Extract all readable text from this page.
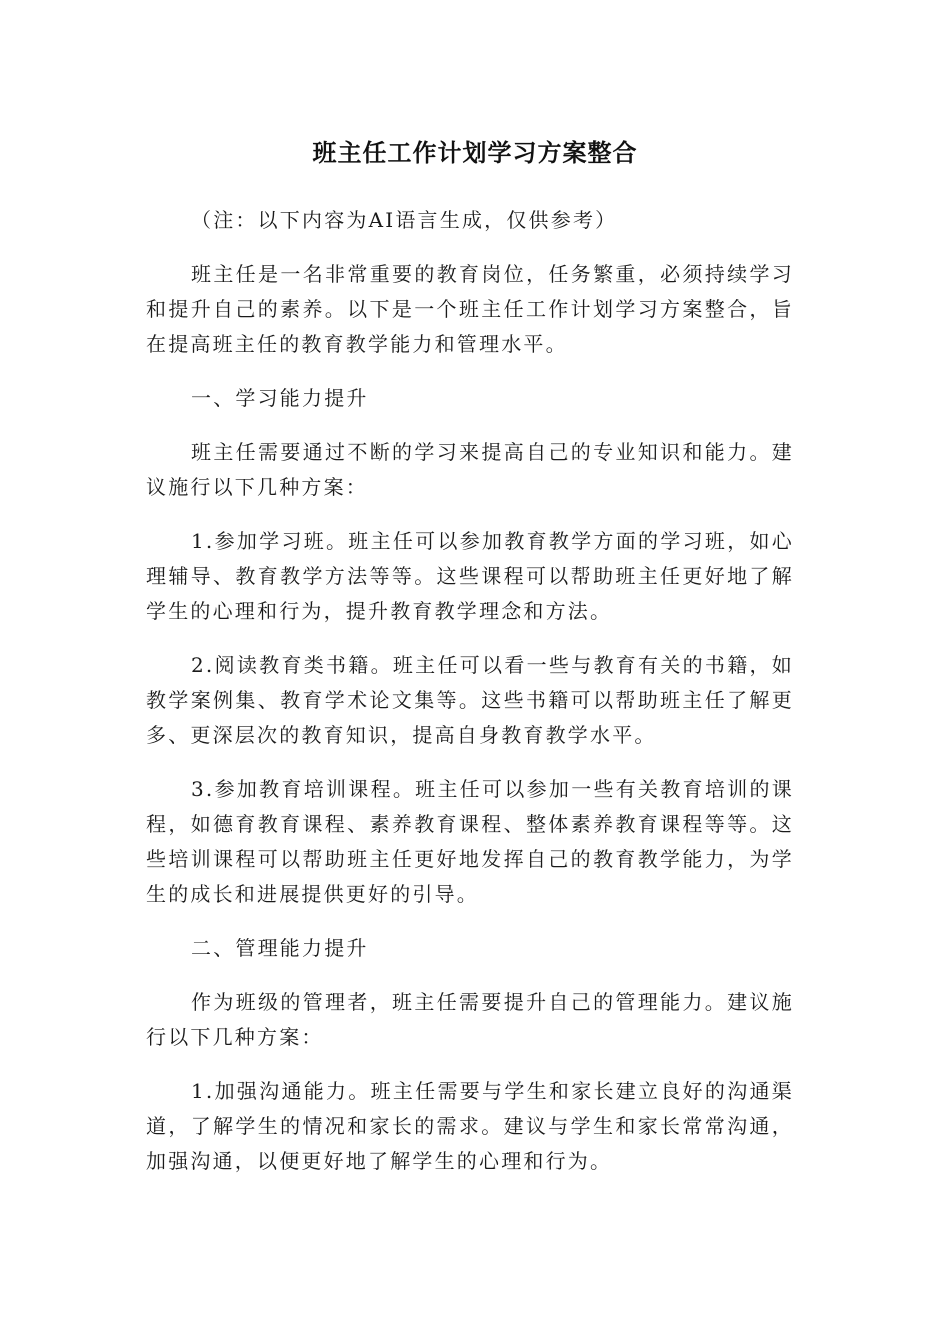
班主任工作计划学习方案整合

（注：以下内容为AI语言生成，仅供参考）

班主任是一名非常重要的教育岗位，任务繁重，必须持续学习和提升自己的素养。以下是一个班主任工作计划学习方案整合，旨在提高班主任的教育教学能力和管理水平。

一、学习能力提升

班主任需要通过不断的学习来提高自己的专业知识和能力。建议施行以下几种方案：

1.参加学习班。班主任可以参加教育教学方面的学习班，如心理辅导、教育教学方法等等。这些课程可以帮助班主任更好地了解学生的心理和行为，提升教育教学理念和方法。

2.阅读教育类书籍。班主任可以看一些与教育有关的书籍，如教学案例集、教育学术论文集等。这些书籍可以帮助班主任了解更多、更深层次的教育知识，提高自身教育教学水平。

3.参加教育培训课程。班主任可以参加一些有关教育培训的课程，如德育教育课程、素养教育课程、整体素养教育课程等等。这些培训课程可以帮助班主任更好地发挥自己的教育教学能力，为学生的成长和进展提供更好的引导。

二、管理能力提升

作为班级的管理者，班主任需要提升自己的管理能力。建议施行以下几种方案：

1.加强沟通能力。班主任需要与学生和家长建立良好的沟通渠道，了解学生的情况和家长的需求。建议与学生和家长常常沟通，加强沟通，以便更好地了解学生的心理和行为。
